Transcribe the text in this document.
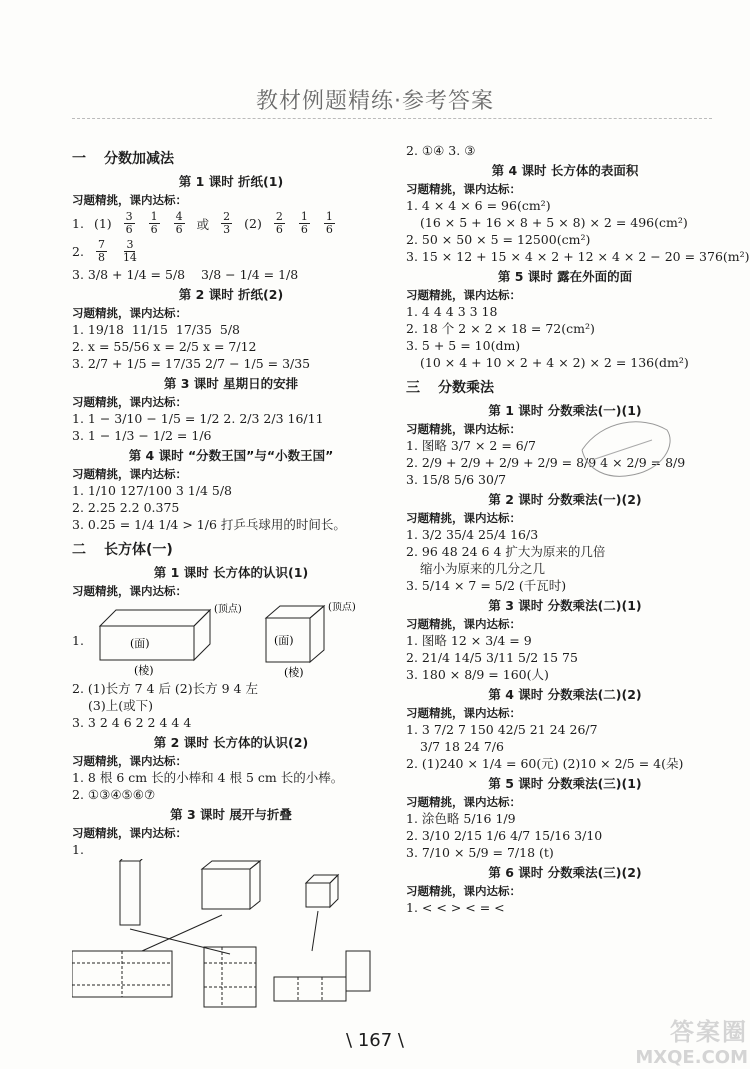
教材例题精练·参考答案
一 分数加减法
第 1 课时 折纸(1)
习题精挑，课内达标：
1. $(1) \frac{3}{6} \frac{1}{6} \frac{4}{6}$ 或 $\frac{2}{3} (2) \frac{2}{6} \frac{1}{6} \frac{1}{6}$
2. $\frac{7}{8} \frac{3}{14}$
3. 3/8 + 1/4 = 5/8 3/8 − 1/4 = 1/8
第 2 课时 折纸(2)
习题精挑，课内达标：
1. 19/18 11/15 17/35 5/8
2. x = 55/56 x = 2/5 x = 7/12
3. 2/7 + 1/5 = 17/35 2/7 − 1/5 = 3/35
第 3 课时 星期日的安排
习题精挑，课内达标：
1. 1 − 3/10 − 1/5 = 1/2 2. 2/3 2/3 16/11
3. 1 − 1/3 − 1/2 = 1/6
第 4 课时 “分数王国”与“小数王国”
习题精挑，课内达标：
1. 1/10 127/100 3 1/4 5/8
2. 2.25 2.2 0.375
3. 0.25 = 1/4 1/4 > 1/6 打乒乓球用的时间长。
二 长方体(一)
第 1 课时 长方体的认识(1)
习题精挑，课内达标：
1.	(面)
(棱)
(顶点)
(面)
(棱)
(顶点)
2. (1)长方 7 4 后 (2)长方 9 4 左
(3)上(或下)
3. 3 2 4 6 2 2 4 4 4
第 2 课时 长方体的认识(2)
习题精挑，课内达标：
1. 8 根 6 cm 长的小棒和 4 根 5 cm 长的小棒。
2. ①③④⑤⑥⑦
第 3 课时 展开与折叠
习题精挑，课内达标：
1.
2. ①④ 3. ③
第 4 课时 长方体的表面积
习题精挑，课内达标：
1. 4 × 4 × 6 = 96(cm²)
(16 × 5 + 16 × 8 + 5 × 8) × 2 = 496(cm²)
2. 50 × 50 × 5 = 12500(cm²)
3. 15 × 12 + 15 × 4 × 2 + 12 × 4 × 2 − 20 = 376(m²)
第 5 课时 露在外面的面
习题精挑，课内达标：
1. 4 4 4 3 3 18
2. 18 个 2 × 2 × 18 = 72(cm²)
3. 5 + 5 = 10(dm)
(10 × 4 + 10 × 2 + 4 × 2) × 2 = 136(dm²)
三 分数乘法
第 1 课时 分数乘法(一)(1)
习题精挑，课内达标：
1. 图略 3/7 × 2 = 6/7
2. 2/9 + 2/9 + 2/9 + 2/9 = 8/9 4 × 2/9 = 8/9
3. 15/8 5/6 30/7
第 2 课时 分数乘法(一)(2)
习题精挑，课内达标：
1. 3/2 35/4 25/4 16/3
2. 96 48 24 6 4 扩大为原来的几倍
缩小为原来的几分之几
3. 5/14 × 7 = 5/2 (千瓦时)
第 3 课时 分数乘法(二)(1)
习题精挑，课内达标：
1. 图略 12 × 3/4 = 9
2. 21/4 14/5 3/11 5/2 15 75
3. 180 × 8/9 = 160(人)
第 4 课时 分数乘法(二)(2)
习题精挑，课内达标：
1. 3 7/2 7 150 42/5 21 24 26/7
3/7 18 24 7/6
2. (1)240 × 1/4 = 60(元) (2)10 × 2/5 = 4(朵)
第 5 课时 分数乘法(三)(1)
习题精挑，课内达标：
1. 涂色略 5/16 1/9
2. 3/10 2/15 1/6 4/7 15/16 3/10
3. 7/10 × 5/9 = 7/18 (t)
第 6 课时 分数乘法(三)(2)
习题精挑，课内达标：
1. < < > < = <
\ 167 \	答案圈
MXQE.COM
